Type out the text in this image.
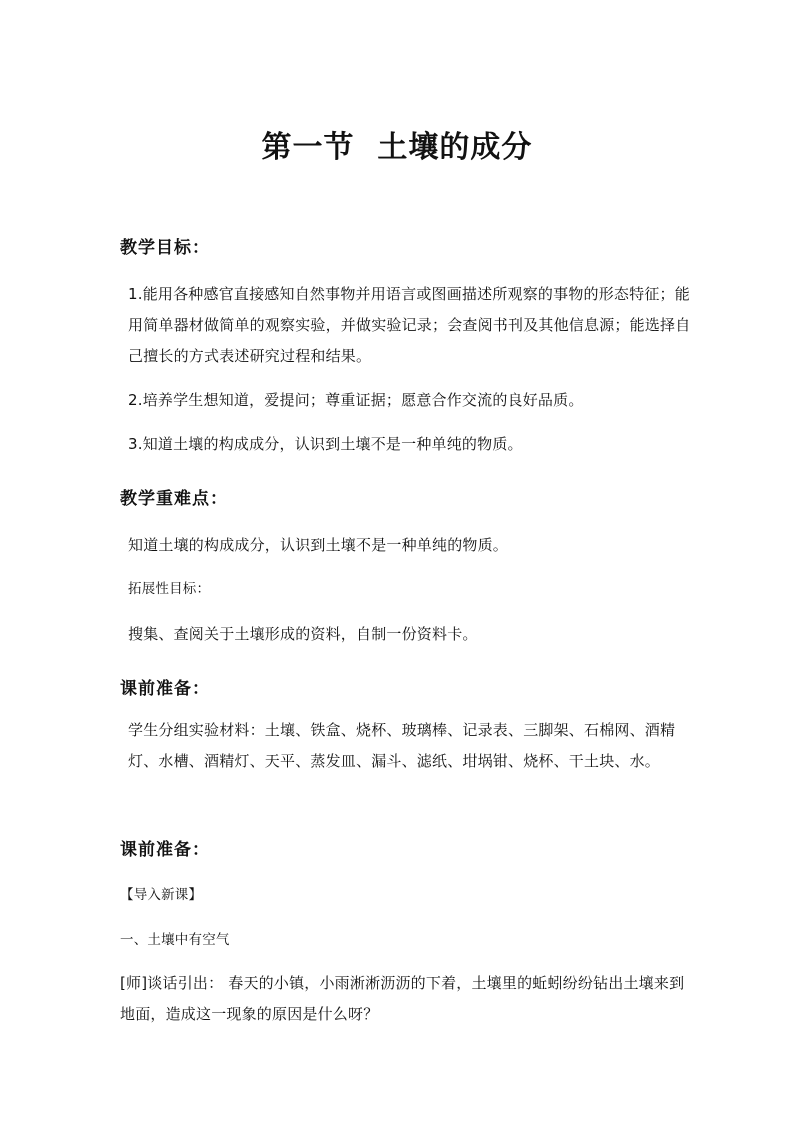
第一节  土壤的成分
教学目标：
1.能用各种感官直接感知自然事物并用语言或图画描述所观察的事物的形态特征；能用简单器材做简单的观察实验，并做实验记录；会查阅书刊及其他信息源；能选择自己擅长的方式表述研究过程和结果。
2.培养学生想知道，爱提问；尊重证据；愿意合作交流的良好品质。
3.知道土壤的构成成分，认识到土壤不是一种单纯的物质。
教学重难点：
知道土壤的构成成分，认识到土壤不是一种单纯的物质。
拓展性目标：
搜集、查阅关于土壤形成的资料，自制一份资料卡。
课前准备：
学生分组实验材料：土壤、铁盒、烧杯、玻璃棒、记录表、三脚架、石棉网、酒精灯、水槽、酒精灯、天平、蒸发皿、漏斗、滤纸、坩埚钳、烧杯、干土块、水。
课前准备：
【导入新课】
一、土壤中有空气
[师]谈话引出： 春天的小镇，小雨淅淅沥沥的下着，土壤里的蚯蚓纷纷钻出土壤来到地面，造成这一现象的原因是什么呀？
